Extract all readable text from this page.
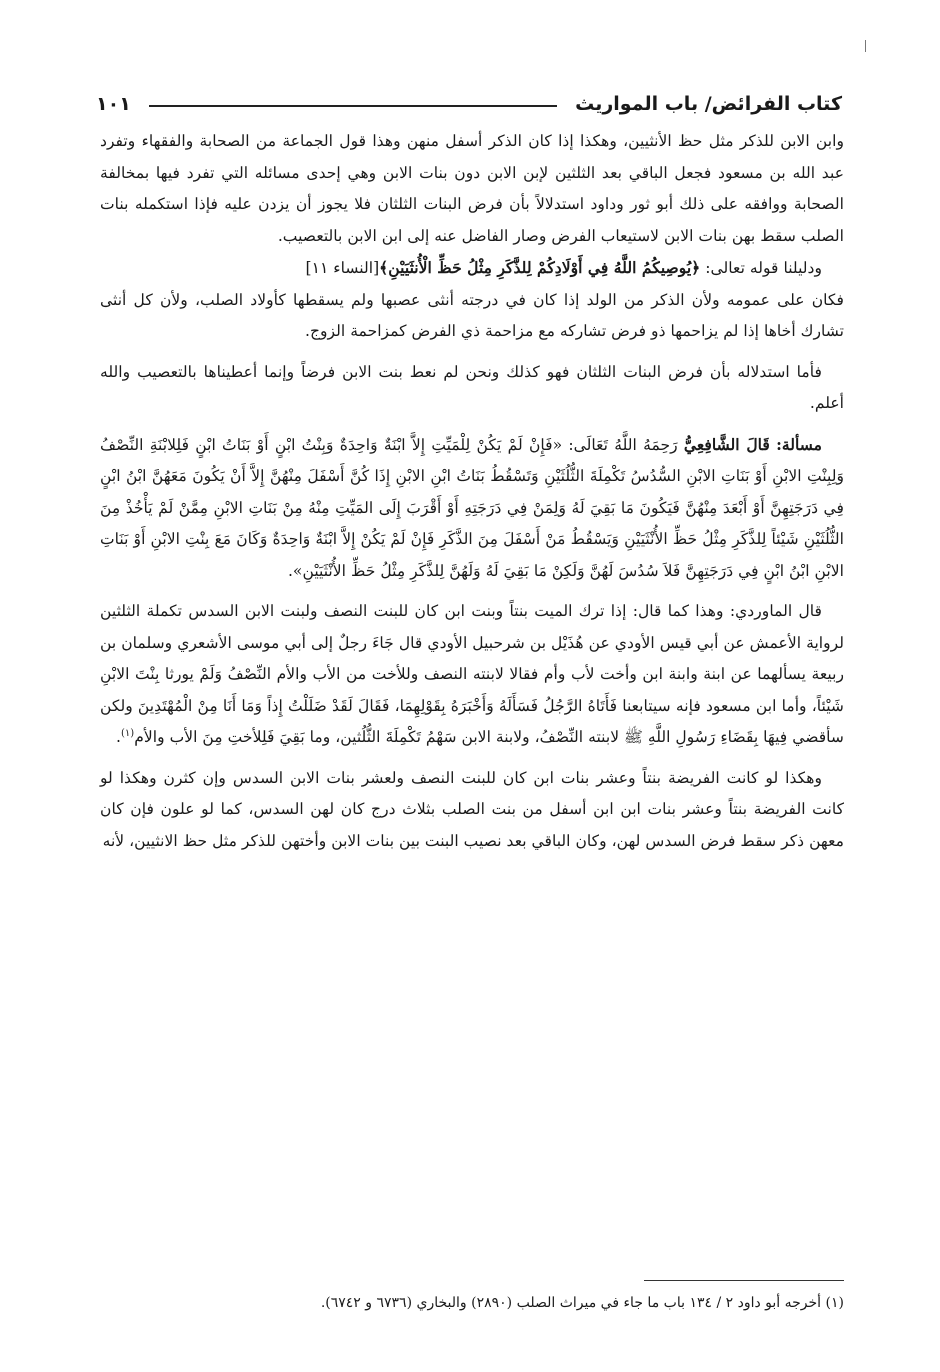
كتاب الفرائض/ باب المواريث
١٠١

وابن الابن للذكر مثل حظ الأنثيين، وهكذا إذا كان الذكر أسفل منهن وهذا قول الجماعة من الصحابة والفقهاء وتفرد عبد الله بن مسعود فجعل الباقي بعد الثلثين لإبن الابن دون بنات الابن وهي إحدى مسائله التي تفرد فيها بمخالفة الصحابة ووافقه على ذلك أبو ثور وداود استدلالاً بأن فرض البنات الثلثان فلا يجوز أن يزدن عليه فإذا استكمله بنات الصلب سقط بهن بنات الابن لاستيعاب الفرض وصار الفاضل عنه إلى ابن الابن بالتعصيب.

ودليلنا قوله تعالى: ﴿يُوصِيكُمُ اللَّهُ فِي أَوْلَادِكُمْ لِلذَّكَرِ مِثْلُ حَظِّ الْأُنثَيَيْنِ﴾[النساء ١١]

فكان على عمومه ولأن الذكر من الولد إذا كان في درجته أنثى عصبها ولم يسقطها كأولاد الصلب، ولأن كل أنثى تشارك أخاها إذا لم يزاحمها ذو فرض تشاركه مع مزاحمة ذي الفرض كمزاحمة الزوج.

فأما استدلاله بأن فرض البنات الثلثان فهو كذلك ونحن لم نعط بنت الابن فرضاً وإنما أعطيناها بالتعصيب والله أعلم.

مسألة: قَالَ الشَّافِعِيُّ رَحِمَهُ اللَّهُ تَعَالَى: «فَإِنْ لَمْ يَكُنْ لِلْمَيِّتِ إِلاَّ ابْنَةٌ وَاحِدَةٌ وَبِنْتُ ابْنٍ أَوْ بَنَاتُ ابْنٍ فَلِلابْنَةِ النِّصْفُ وَلِبِنْتِ الابْنِ أَوْ بَنَاتِ الابْنِ السُّدُسُ تَكْمِلَةَ الثُّلُثَيْنِ وَتَسْقُطُ بَنَاتُ ابْنِ الابْنِ إِذَا كُنَّ أَسْفَلَ مِنْهُنَّ إِلاَّ أَنْ يَكُونَ مَعَهُنَّ ابْنُ ابْنٍ فِي دَرَجَتِهِنَّ أَوْ أَبْعَدَ مِنْهُنَّ فَيَكُونَ مَا بَقِيَ لَهُ وَلِمَنْ فِي دَرَجَتِهِ أَوْ أَقْرَبَ إِلَى المَيِّتِ مِنْهُ مِنْ بَنَاتِ الابْنِ مِمَّنْ لَمْ يَأْخُذْ مِنَ الثُّلُثَيْنِ شَيْئاً لِلذَّكَرِ مِثْلُ حَظِّ الأُنْثَيَيْنِ وَيَسْقُطُ مَنْ أَسْفَلَ مِنَ الذَّكَرِ فَإِنْ لَمْ يَكُنْ إِلاَّ ابْنَةٌ وَاحِدَةٌ وَكَانَ مَعَ بِنْتِ الابْنِ أَوْ بَنَاتِ الابْنِ ابْنُ ابْنٍ فِي دَرَجَتِهِنَّ فَلاَ سُدُسَ لَهُنَّ وَلَكِنْ مَا بَقِيَ لَهُ وَلَهُنَّ لِلذَّكَرِ مِثْلُ حَظِّ الأُنْثَيَيْنِ».

قال الماوردي: وهذا كما قال: إذا ترك الميت بنتاً وبنت ابن كان للبنت النصف ولبنت الابن السدس تكملة الثلثين لرواية الأعمش عن أبي قيس الأودي عن هُذَيْل بن شرحبيل الأودي قال جَاءَ رجلٌ إلى أبي موسى الأشعري وسلمان بن ربيعة يسألهما عن ابنة وابنة ابن وأخت لأب وأم فقالا لابنته النصف وللأخت من الأب والأم النِّصْفُ وَلَمْ يورثا بِنْتَ الابْنِ شَيْئاً، وأما ابن مسعود فإنه سيتابعنا فَأَتَاهُ الرَّجُلُ فَسَأَلَهُ وَأَخْبَرَهُ بِقَوْلِهِمَا، فَقَالَ لَقَدْ ضَلَلْتُ إِذاً وَمَا أَنَا مِنْ الْمُهْتَدِينَ ولكن سأقضي فِيهَا بِقَضَاءِ رَسُولِ اللَّهِ ﷺ لابنته النِّصْفُ، ولابنة الابن سَهْمُ تَكْمِلَةَ الثُّلُثين، وما بَقِيَ فَلِلأختِ مِنَ الأب والأم$^{(١)}$.

وهكذا لو كانت الفريضة بنتاً وعشر بنات ابن كان للبنت النصف ولعشر بنات الابن السدس وإن كثرن وهكذا لو كانت الفريضة بنتاً وعشر بنات ابن ابن أسفل من بنت الصلب بثلاث درج كان لهن السدس، كما لو علون فإن كان معهن ذكر سقط فرض السدس لهن، وكان الباقي بعد نصيب البنت بين بنات الابن وأختهن للذكر مثل حظ الانثيين، لأنه

(١) أخرجه أبو داود ٢ / ١٣٤ باب ما جاء في ميراث الصلب (٢٨٩٠) والبخاري (٦٧٣٦ و ٦٧٤٢).
